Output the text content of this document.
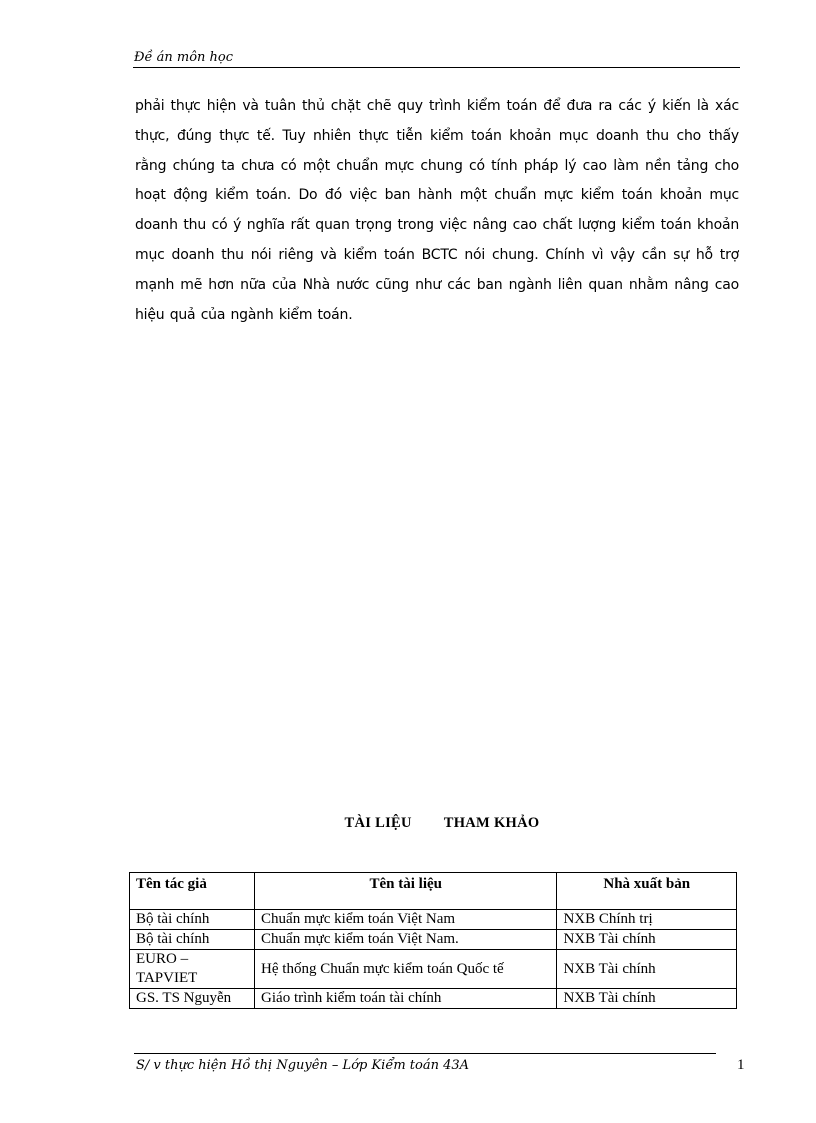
Đề án môn học
phải thực hiện và tuân thủ chặt chẽ quy trình kiểm toán để đưa ra các ý kiến là xác thực, đúng thực tế. Tuy nhiên thực tiễn kiểm toán khoản mục doanh thu cho thấy rằng chúng ta chưa có một chuẩn mực chung có tính pháp lý cao làm nền tảng cho hoạt động kiểm toán. Do đó việc ban hành một chuẩn mực kiểm toán khoản mục doanh thu có ý nghĩa rất quan trọng trong việc nâng cao chất lượng kiểm toán khoản mục doanh thu nói riêng và kiểm toán BCTC nói chung. Chính vì vậy cần sự hỗ trợ mạnh mẽ hơn nữa của Nhà nước cũng như các ban ngành liên quan nhằm nâng cao hiệu quả của ngành kiểm toán.
TÀI LIỆU THAM KHẢO
Tên tác giả	Tên tài liệu	Nhà xuất bản
Bộ tài chính	Chuẩn mực kiểm toán Việt Nam	NXB Chính trị
Bộ tài chính	Chuẩn mực kiểm toán Việt Nam.	NXB Tài chính
EURO – TAPVIET	Hệ thống Chuẩn mực kiểm toán Quốc tế	NXB Tài chính
GS. TS Nguyễn	Giáo trình kiểm toán tài chính	NXB Tài chính
S/ v thực hiện Hồ thị Nguyên – Lớp Kiểm toán 43A	1
